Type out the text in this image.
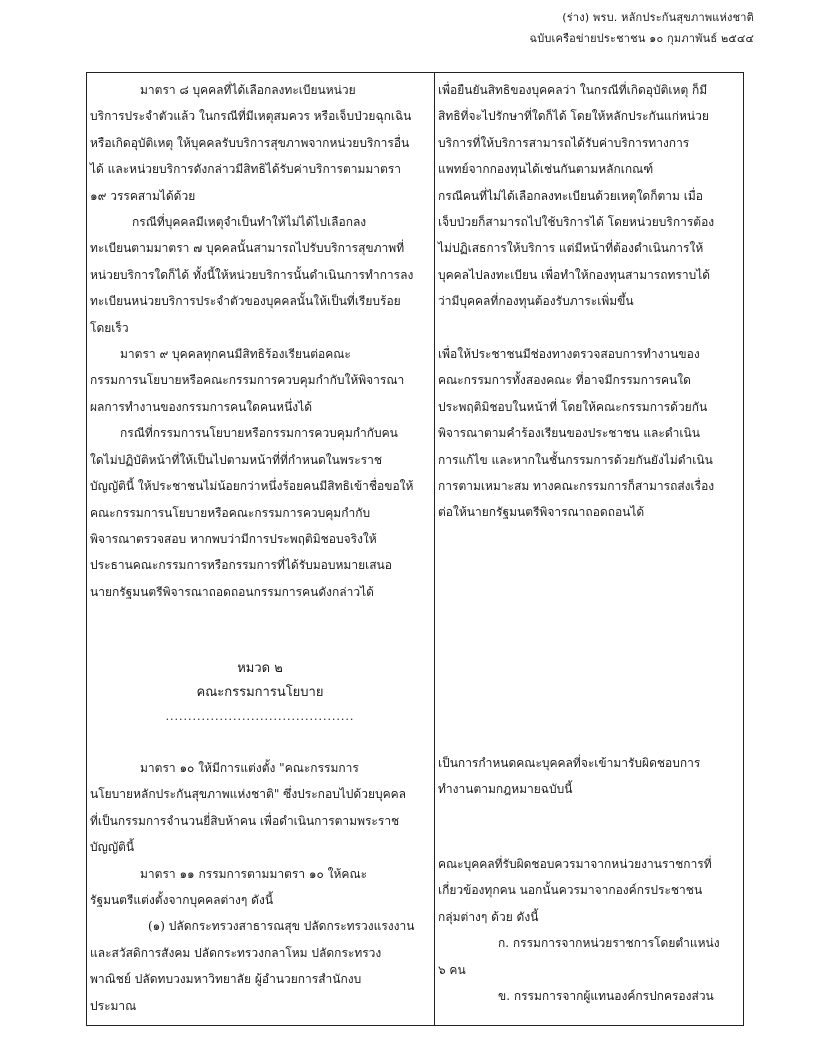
(ร่าง) พรบ. หลักประกันสุขภาพแห่งชาติ
ฉบับเครือข่ายประชาชน ๑๐ กุมภาพันธ์ ๒๕๔๔

มาตรา ๘ บุคคลที่ได้เลือกลงทะเบียนหน่วย

บริการประจำตัวแล้ว ในกรณีที่มีเหตุสมควร หรือเจ็บป่วยฉุกเฉิน

หรือเกิดอุบัติเหตุ ให้บุคคลรับบริการสุขภาพจากหน่วยบริการอื่น

ได้ และหน่วยบริการดังกล่าวมีสิทธิได้รับค่าบริการตามมาตรา

๑๙ วรรคสามได้ด้วย

กรณีที่บุคคลมีเหตุจำเป็นทำให้ไม่ได้ไปเลือกลง

ทะเบียนตามมาตรา ๗ บุคคลนั้นสามารถไปรับบริการสุขภาพที่

หน่วยบริการใดก็ได้ ทั้งนี้ให้หน่วยบริการนั้นดำเนินการทำการลง

ทะเบียนหน่วยบริการประจำตัวของบุคคลนั้นให้เป็นที่เรียบร้อย

โดยเร็ว

มาตรา ๙ บุคคลทุกคนมีสิทธิร้องเรียนต่อคณะ

กรรมการนโยบายหรือคณะกรรมการควบคุมกำกับให้พิจารณา

ผลการทำงานของกรรมการคนใดคนหนึ่งได้

กรณีที่กรรมการนโยบายหรือกรรมการควบคุมกำกับคน

ใดไม่ปฏิบัติหน้าที่ให้เป็นไปตามหน้าที่ที่กำหนดในพระราช

บัญญัตินี้ ให้ประชาชนไม่น้อยกว่าหนึ่งร้อยคนมีสิทธิเข้าชื่อขอให้

คณะกรรมการนโยบายหรือคณะกรรมการควบคุมกำกับ

พิจารณาตรวจสอบ หากพบว่ามีการประพฤติมิชอบจริงให้

ประธานคณะกรรมการหรือกรรมการที่ได้รับมอบหมายเสนอ

นายกรัฐมนตรีพิจารณาถอดถอนกรรมการคนดังกล่าวได้

หมวด ๒

คณะกรรมการนโยบาย

..........................................

มาตรา ๑๐ ให้มีการแต่งตั้ง "คณะกรรมการ

นโยบายหลักประกันสุขภาพแห่งชาติ" ซึ่งประกอบไปด้วยบุคคล

ที่เป็นกรรมการจำนวนยี่สิบห้าคน เพื่อดำเนินการตามพระราช

บัญญัตินี้

มาตรา ๑๑ กรรมการตามมาตรา ๑๐ ให้คณะ

รัฐมนตรีแต่งตั้งจากบุคคลต่างๆ ดังนี้

(๑) ปลัดกระทรวงสาธารณสุข ปลัดกระทรวงแรงงาน

และสวัสดิการสังคม ปลัดกระทรวงกลาโหม ปลัดกระทรวง

พาณิชย์ ปลัดทบวงมหาวิทยาลัย ผู้อำนวยการสำนักงบ

ประมาณ

เพื่อยืนยันสิทธิของบุคคลว่า ในกรณีที่เกิดอุบัติเหตุ ก็มี

สิทธิที่จะไปรักษาที่ใดก็ได้ โดยให้หลักประกันแก่หน่วย

บริการที่ให้บริการสามารถได้รับค่าบริการทางการ

แพทย์จากกองทุนได้เช่นกันตามหลักเกณฑ์

กรณีคนที่ไม่ได้เลือกลงทะเบียนด้วยเหตุใดก็ตาม เมื่อ

เจ็บป่วยก็สามารถไปใช้บริการได้ โดยหน่วยบริการต้อง

ไม่ปฏิเสธการให้บริการ แต่มีหน้าที่ต้องดำเนินการให้

บุคคลไปลงทะเบียน เพื่อทำให้กองทุนสามารถทราบได้

ว่ามีบุคคลที่กองทุนต้องรับภาระเพิ่มขึ้น

เพื่อให้ประชาชนมีช่องทางตรวจสอบการทำงานของ

คณะกรรมการทั้งสองคณะ ที่อาจมีกรรมการคนใด

ประพฤติมิชอบในหน้าที่ โดยให้คณะกรรมการด้วยกัน

พิจารณาตามคำร้องเรียนของประชาชน และดำเนิน

การแก้ไข และหากในชั้นกรรมการด้วยกันยังไม่ดำเนิน

การตามเหมาะสม ทางคณะกรรมการก็สามารถส่งเรื่อง

ต่อให้นายกรัฐมนตรีพิจารณาถอดถอนได้

เป็นการกำหนดคณะบุคคลที่จะเข้ามารับผิดชอบการ

ทำงานตามกฎหมายฉบับนี้

คณะบุคคลที่รับผิดชอบควรมาจากหน่วยงานราชการที่

เกี่ยวข้องทุกคน นอกนั้นควรมาจากองค์กรประชาชน

กลุ่มต่างๆ ด้วย ดังนี้

ก. กรรมการจากหน่วยราชการโดยตำแหน่ง

๖ คน

ข. กรรมการจากผู้แทนองค์กรปกครองส่วน
